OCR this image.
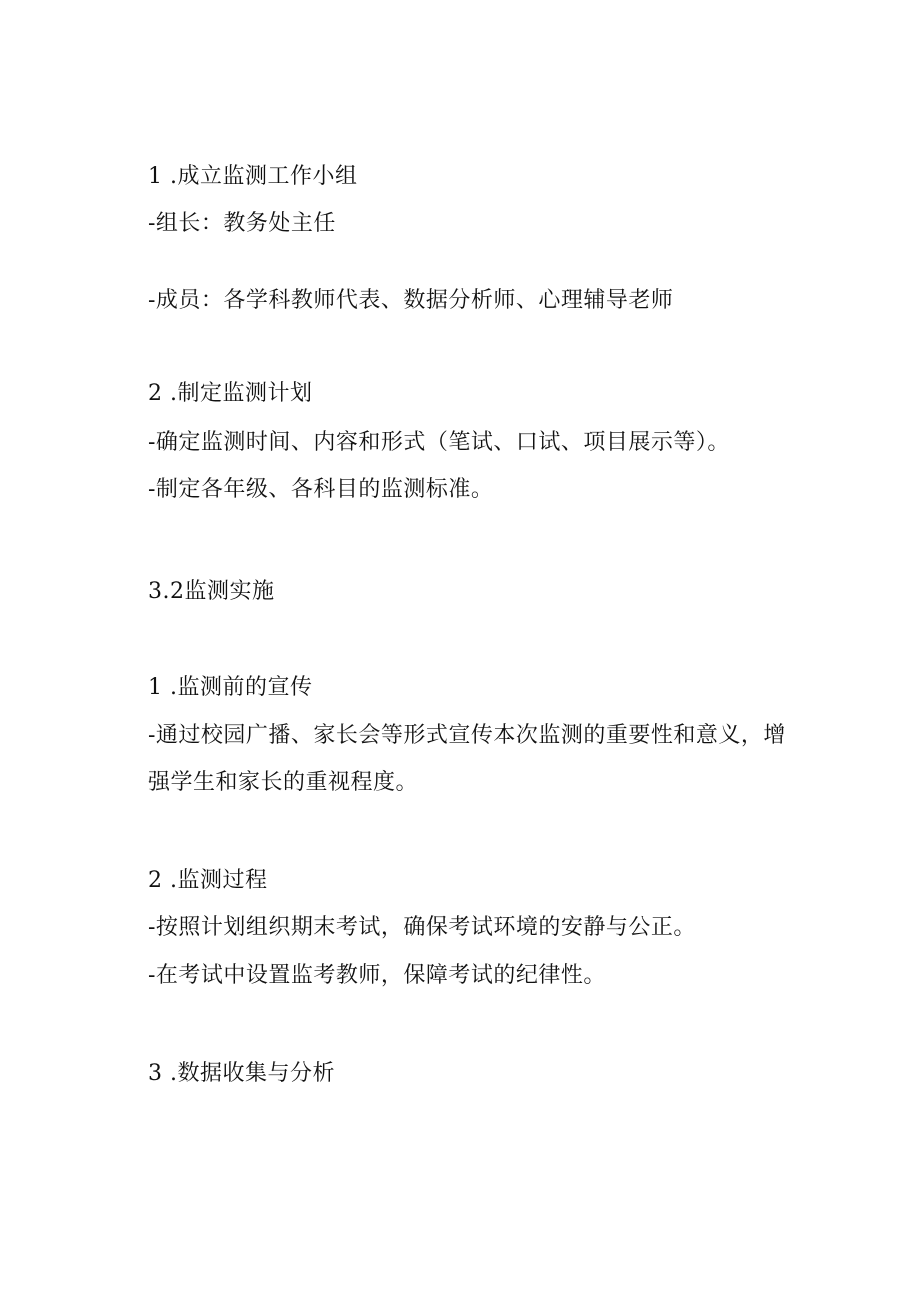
1 .成立监测工作小组
-组长：教务处主任
-成员：各学科教师代表、数据分析师、心理辅导老师
2 .制定监测计划
-确定监测时间、内容和形式（笔试、口试、项目展示等）。
-制定各年级、各科目的监测标准。
3.2监测实施
1 .监测前的宣传
-通过校园广播、家长会等形式宣传本次监测的重要性和意义，增强学生和家长的重视程度。
2 .监测过程
-按照计划组织期末考试，确保考试环境的安静与公正。
-在考试中设置监考教师，保障考试的纪律性。
3 .数据收集与分析
